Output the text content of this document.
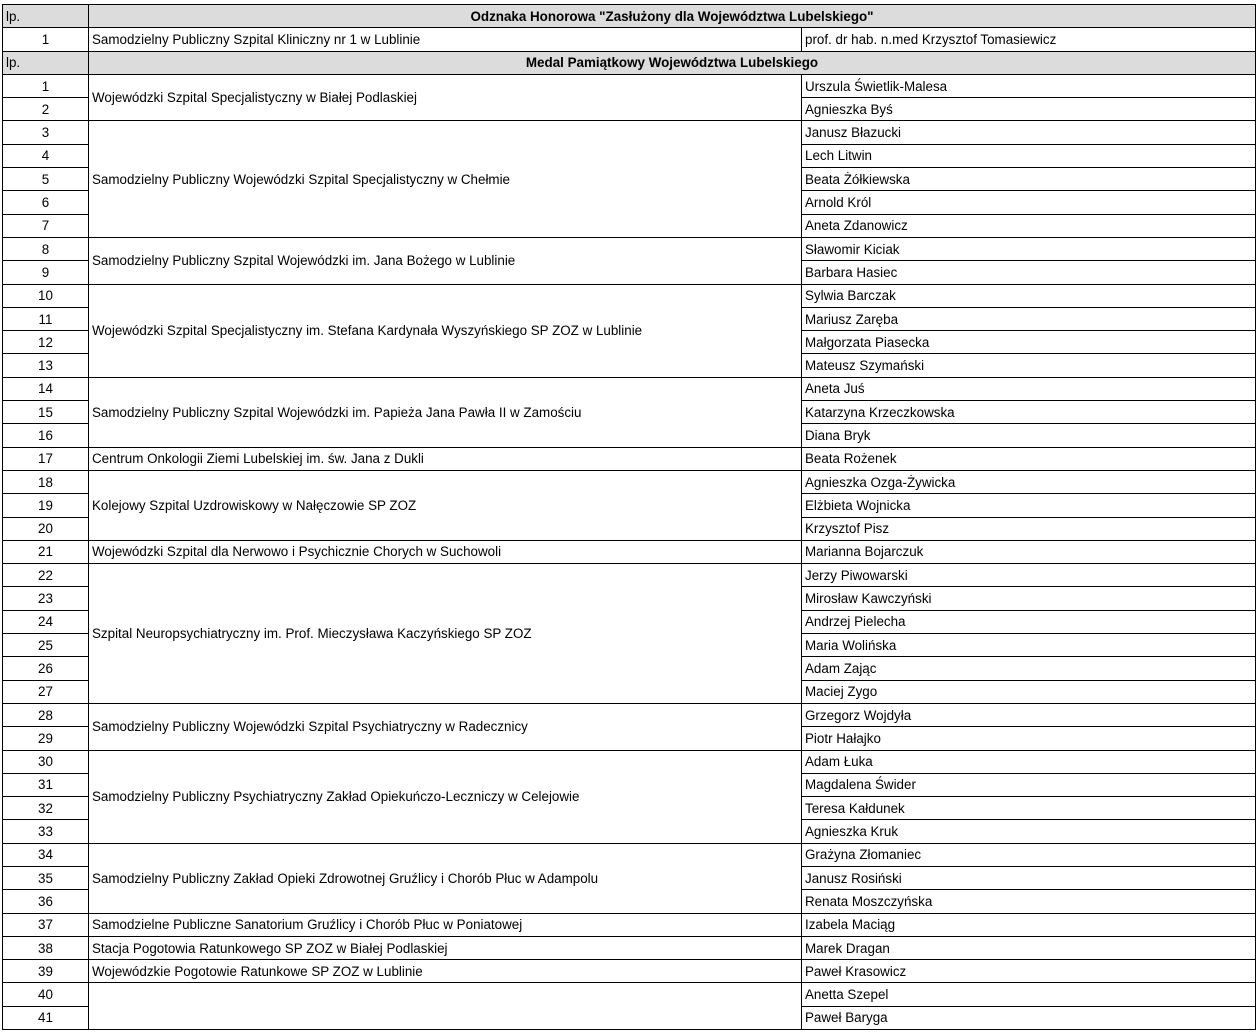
lp.	Odznaka Honorowa "Zasłużony dla Województwa Lubelskiego"	
1	Samodzielny Publiczny Szpital Kliniczny nr 1 w Lublinie	prof. dr hab. n.med Krzysztof Tomasiewicz
lp.	Medal Pamiątkowy Województwa Lubelskiego	
1	Wojewódzki Szpital Specjalistyczny w Białej Podlaskiej	Urszula Świetlik-Malesa
2		Agnieszka Byś
3	Samodzielny Publiczny Wojewódzki Szpital Specjalistyczny w Chełmie	Janusz Błazucki
4		Lech Litwin
5		Beata Żółkiewska
6		Arnold Król
7		Aneta Zdanowicz
8	Samodzielny Publiczny Szpital Wojewódzki im. Jana Bożego w Lublinie	Sławomir Kiciak
9		Barbara Hasiec
10	Wojewódzki Szpital Specjalistyczny im. Stefana Kardynała Wyszyńskiego SP ZOZ w Lublinie	Sylwia Barczak
11		Mariusz Zaręba
12		Małgorzata Piasecka
13		Mateusz Szymański
14	Samodzielny Publiczny Szpital Wojewódzki im. Papieża Jana Pawła II w Zamościu	Aneta Juś
15		Katarzyna Krzeczkowska
16		Diana Bryk
17	Centrum Onkologii Ziemi Lubelskiej im. św. Jana z Dukli	Beata Rożenek
18	Kolejowy Szpital Uzdrowiskowy w Nałęczowie SP ZOZ	Agnieszka Ozga-Żywicka
19		Elżbieta Wojnicka
20		Krzysztof Pisz
21	Wojewódzki Szpital dla Nerwowo i Psychicznie Chorych w Suchowoli	Marianna Bojarczuk
22	Szpital Neuropsychiatryczny im. Prof. Mieczysława Kaczyńskiego SP ZOZ	Jerzy Piwowarski
23		Mirosław Kawczyński
24		Andrzej Pielecha
25		Maria Wolińska
26		Adam Zając
27		Maciej Zygo
28	Samodzielny Publiczny Wojewódzki Szpital Psychiatryczny w Radecznicy	Grzegorz Wojdyła
29		Piotr Hałajko
30	Samodzielny Publiczny Psychiatryczny Zakład Opiekuńczo-Leczniczy w Celejowie	Adam Łuka
31		Magdalena Świder
32		Teresa Kałdunek
33		Agnieszka Kruk
34	Samodzielny Publiczny Zakład Opieki Zdrowotnej Gruźlicy i Chorób Płuc w Adampolu	Grażyna Złomaniec
35		Janusz Rosiński
36		Renata Moszczyńska
37	Samodzielne Publiczne Sanatorium Gruźlicy i Chorób Płuc w Poniatowej	Izabela Maciąg
38	Stacja Pogotowia Ratunkowego SP ZOZ w Białej Podlaskiej	Marek Dragan
39	Wojewódzkie Pogotowie Ratunkowe SP ZOZ w Lublinie	Paweł Krasowicz
40		Anetta Szepel
41		Paweł Baryga
